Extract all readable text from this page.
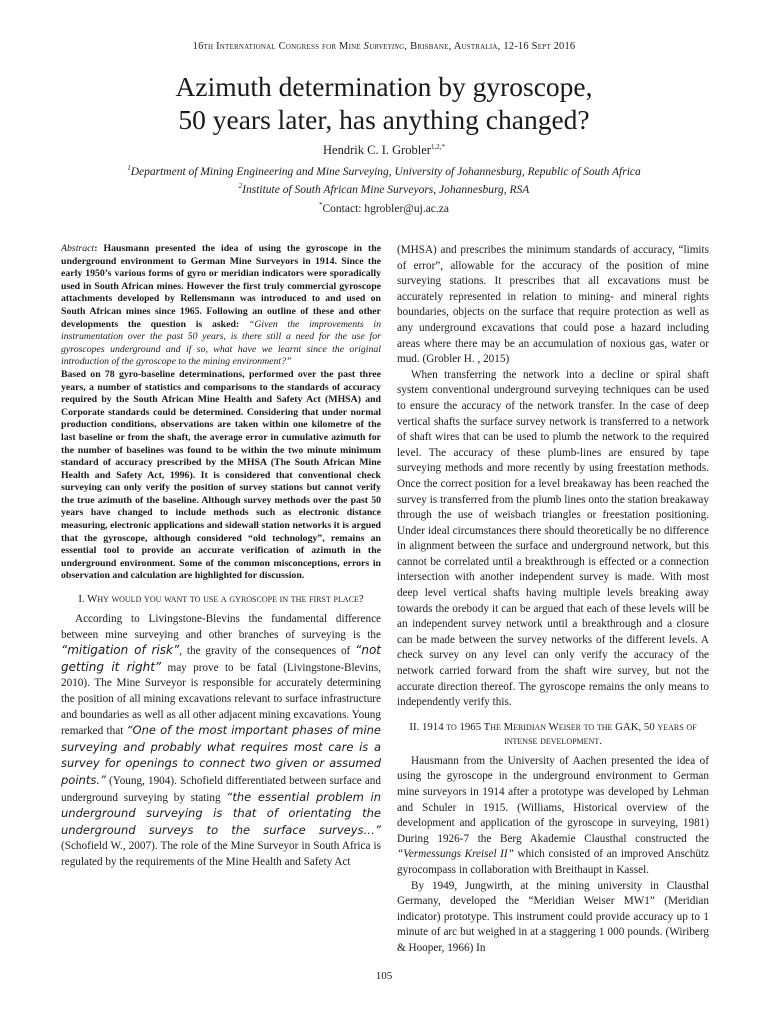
16th International Congress for Mine Surveying, Brisbane, Australia, 12-16 Sept 2016
Azimuth determination by gyroscope,
50 years later, has anything changed?
Hendrik C. I. Grobler$^{1,2,*}$
$^1$Department of Mining Engineering and Mine Surveying, University of Johannesburg, Republic of South Africa
$^2$Institute of South African Mine Surveyors, Johannesburg, RSA
*Contact: hgrobler@uj.ac.za

Abstract: Hausmann presented the idea of using the gyroscope in the underground environment to German Mine Surveyors in 1914. Since the early 1950’s various forms of gyro or meridian indicators were sporadically used in South African mines. However the first truly commercial gyroscope attachments developed by Rellensmann was introduced to and used on South African mines since 1965. Following an outline of these and other developments the question is asked: “Given the improvements in instrumentation over the past 50 years, is there still a need for the use for gyroscopes underground and if so, what have we learnt since the original introduction of the gyroscope to the mining environment?”

Based on 78 gyro-baseline determinations, performed over the past three years, a number of statistics and comparisons to the standards of accuracy required by the South African Mine Health and Safety Act (MHSA) and Corporate standards could be determined. Considering that under normal production conditions, observations are taken within one kilometre of the last baseline or from the shaft, the average error in cumulative azimuth for the number of baselines was found to be within the two minute minimum standard of accuracy prescribed by the MHSA (The South African Mine Health and Safety Act, 1996). It is considered that conventional check surveying can only verify the position of survey stations but cannot verify the true azimuth of the baseline. Although survey methods over the past 50 years have changed to include methods such as electronic distance measuring, electronic applications and sidewall station networks it is argued that the gyroscope, although considered “old technology”, remains an essential tool to provide an accurate verification of azimuth in the underground environment. Some of the common misconceptions, errors in observation and calculation are highlighted for discussion.

I. Why would you want to use a gyroscope in the first place?

According to Livingstone-Blevins the fundamental difference between mine surveying and other branches of surveying is the “mitigation of risk”, the gravity of the consequences of “not getting it right” may prove to be fatal (Livingstone-Blevins, 2010). The Mine Surveyor is responsible for accurately determining the position of all mining excavations relevant to surface infrastructure and boundaries as well as all other adjacent mining excavations. Young remarked that “One of the most important phases of mine surveying and probably what requires most care is a survey for openings to connect two given or assumed points.” (Young, 1904). Schofield differentiated between surface and underground surveying by stating “the essential problem in underground surveying is that of orientating the underground surveys to the surface surveys…” (Schofield W., 2007). The role of the Mine Surveyor in South Africa is regulated by the requirements of the Mine Health and Safety Act

(MHSA) and prescribes the minimum standards of accuracy, “limits of error”, allowable for the accuracy of the position of mine surveying stations. It prescribes that all excavations must be accurately represented in relation to mining- and mineral rights boundaries, objects on the surface that require protection as well as any underground excavations that could pose a hazard including areas where there may be an accumulation of noxious gas, water or mud. (Grobler H. , 2015)

When transferring the network into a decline or spiral shaft system conventional underground surveying techniques can be used to ensure the accuracy of the network transfer. In the case of deep vertical shafts the surface survey network is transferred to a network of shaft wires that can be used to plumb the network to the required level. The accuracy of these plumb-lines are ensured by tape surveying methods and more recently by using freestation methods. Once the correct position for a level breakaway has been reached the survey is transferred from the plumb lines onto the station breakaway through the use of weisbach triangles or freestation positioning. Under ideal circumstances there should theoretically be no difference in alignment between the surface and underground network, but this cannot be correlated until a breakthrough is effected or a connection intersection with another independent survey is made. With most deep level vertical shafts having multiple levels breaking away towards the orebody it can be argued that each of these levels will be an independent survey network until a breakthrough and a closure can be made between the survey networks of the different levels. A check survey on any level can only verify the accuracy of the network carried forward from the shaft wire survey, but not the accurate direction thereof. The gyroscope remains the only means to independently verify this.

II. 1914 to 1965 The Meridian Weiser to the GAK, 50 years of intense development.

Hausmann from the University of Aachen presented the idea of using the gyroscope in the underground environment to German mine surveyors in 1914 after a prototype was developed by Lehman and Schuler in 1915. (Williams, Historical overview of the development and application of the gyroscope in surveying, 1981) During 1926-7 the Berg Akademie Clausthal constructed the “Vermessungs Kreisel II” which consisted of an improved Anschütz gyrocompass in collaboration with Breithaupt in Kassel.

By 1949, Jungwirth, at the mining university in Clausthal Germany, developed the “Meridian Weiser MW1” (Meridian indicator) prototype. This instrument could provide accuracy up to 1 minute of arc but weighed in at a staggering 1 000 pounds. (Wiriberg & Hooper, 1966) In

105
